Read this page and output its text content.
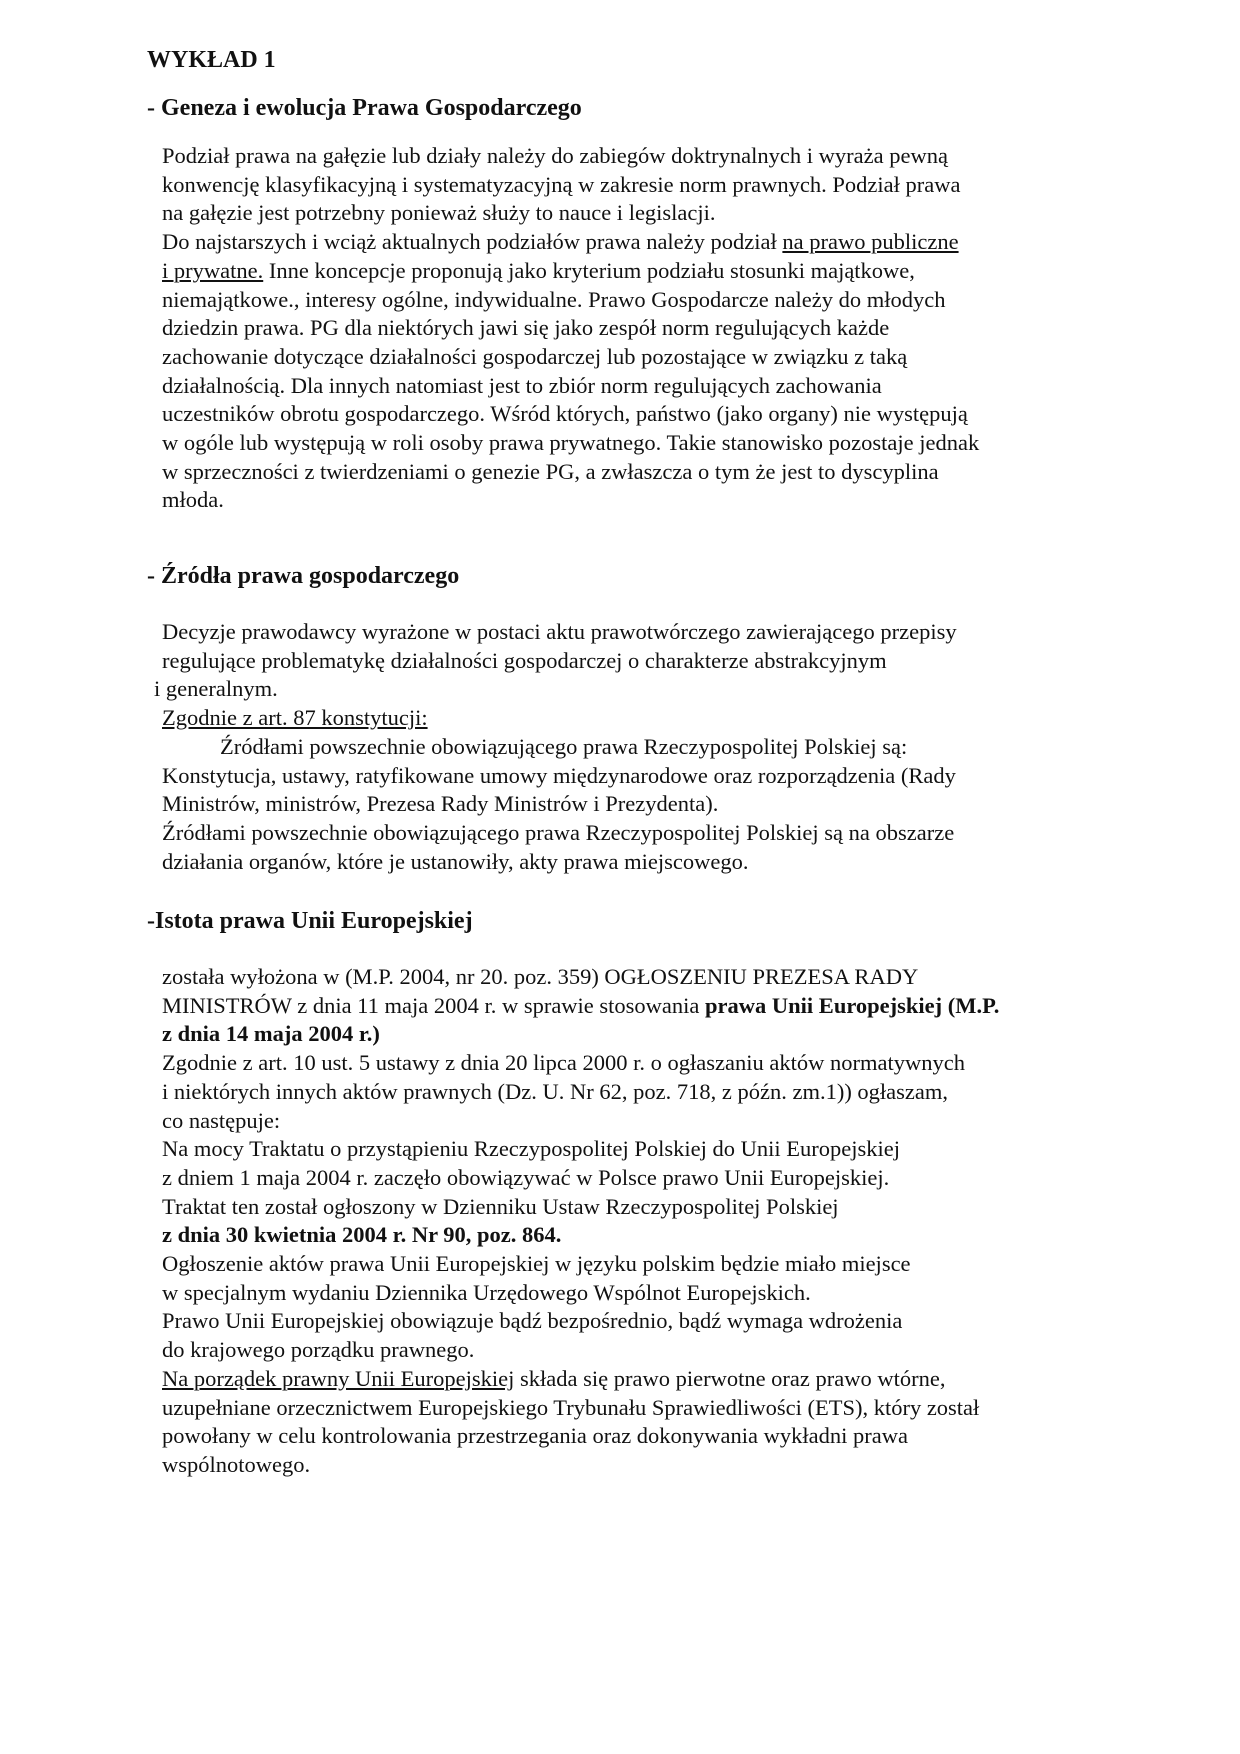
WYKŁAD 1
- Geneza i ewolucja Prawa Gospodarczego
Podział prawa na gałęzie lub działy należy do zabiegów doktrynalnych i wyraża pewną
konwencję klasyfikacyjną i systematyzacyjną w zakresie norm prawnych. Podział prawa
na gałęzie jest potrzebny ponieważ służy to nauce i legislacji.
Do najstarszych i wciąż aktualnych podziałów prawa należy podział na prawo publiczne
i prywatne. Inne koncepcje proponują jako kryterium podziału stosunki majątkowe,
niemajątkowe., interesy ogólne, indywidualne. Prawo Gospodarcze należy do młodych
dziedzin prawa. PG dla niektórych jawi się jako zespół norm regulujących każde
zachowanie dotyczące działalności gospodarczej lub pozostające w związku z taką
działalnością. Dla innych natomiast jest to zbiór norm regulujących zachowania
uczestników obrotu gospodarczego. Wśród których, państwo (jako organy) nie występują
w ogóle lub występują w roli osoby prawa prywatnego. Takie stanowisko pozostaje jednak
w sprzeczności z twierdzeniami o genezie PG, a zwłaszcza o tym że jest to dyscyplina
młoda.
- Źródła prawa gospodarczego
Decyzje prawodawcy wyrażone w postaci aktu prawotwórczego zawierającego przepisy
regulujące problematykę działalności gospodarczej o charakterze abstrakcyjnym
i generalnym.
Zgodnie z art. 87 konstytucji:
Źródłami powszechnie obowiązującego prawa Rzeczypospolitej Polskiej są:
Konstytucja, ustawy, ratyfikowane umowy międzynarodowe oraz rozporządzenia (Rady
Ministrów, ministrów, Prezesa Rady Ministrów i Prezydenta).
Źródłami powszechnie obowiązującego prawa Rzeczypospolitej Polskiej są na obszarze
działania organów, które je ustanowiły, akty prawa miejscowego.
-Istota prawa Unii Europejskiej
została wyłożona w (M.P. 2004, nr 20. poz. 359) OGŁOSZENIU PREZESA RADY
MINISTRÓW z dnia 11 maja 2004 r. w sprawie stosowania prawa Unii Europejskiej (M.P.
z dnia 14 maja 2004 r.)
Zgodnie z art. 10 ust. 5 ustawy z dnia 20 lipca 2000 r. o ogłaszaniu aktów normatywnych
i niektórych innych aktów prawnych (Dz. U. Nr 62, poz. 718, z późn. zm.1)) ogłaszam,
co następuje:
Na mocy Traktatu o przystąpieniu Rzeczypospolitej Polskiej do Unii Europejskiej
z dniem 1 maja 2004 r. zaczęło obowiązywać w Polsce prawo Unii Europejskiej.
Traktat ten został ogłoszony w Dzienniku Ustaw Rzeczypospolitej Polskiej
z dnia 30 kwietnia 2004 r. Nr 90, poz. 864.
Ogłoszenie aktów prawa Unii Europejskiej w języku polskim będzie miało miejsce
w specjalnym wydaniu Dziennika Urzędowego Wspólnot Europejskich.
Prawo Unii Europejskiej obowiązuje bądź bezpośrednio, bądź wymaga wdrożenia
do krajowego porządku prawnego.
Na porządek prawny Unii Europejskiej składa się prawo pierwotne oraz prawo wtórne,
uzupełniane orzecznictwem Europejskiego Trybunału Sprawiedliwości (ETS), który został
powołany w celu kontrolowania przestrzegania oraz dokonywania wykładni prawa
wspólnotowego.
